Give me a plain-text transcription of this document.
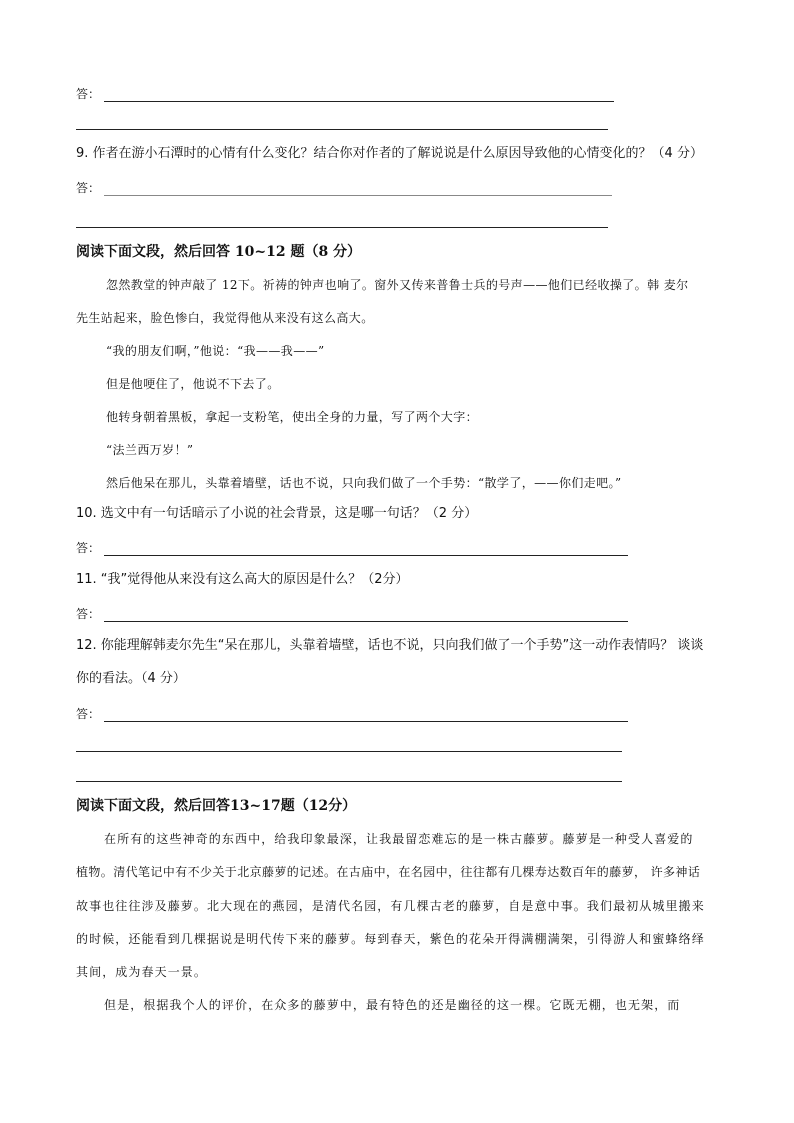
答：
9. 作者在游小石潭时的心情有什么变化？结合你对作者的了解说说是什么原因导致他的心情变化的？（4 分）
答：
阅读下面文段，然后回答 10~12 题（8 分）
忽然教堂的钟声敲了 12下。祈祷的钟声也响了。窗外又传来普鲁士兵的号声——他们已经收操了。韩 麦尔
先生站起来，脸色惨白，我觉得他从来没有这么高大。
“我的朋友们啊，”他说：“我——我——”
但是他哽住了，他说不下去了。
他转身朝着黑板，拿起一支粉笔，使出全身的力量，写了两个大字：
“法兰西万岁！”
然后他呆在那儿，头靠着墙壁，话也不说，只向我们做了一个手势：“散学了，——你们走吧。”
10. 选文中有一句话暗示了小说的社会背景，这是哪一句话？（2 分）
答：
11. “我”觉得他从来没有这么高大的原因是什么？（2分）
答：
12. 你能理解韩麦尔先生“呆在那儿，头靠着墙壁，话也不说，只向我们做了一个手势”这一动作表情吗？ 谈谈
你的看法。（4 分）
答：
阅读下面文段，然后回答13~17题（12分）
在所有的这些神奇的东西中，给我印象最深，让我最留恋难忘的是一株古藤萝。藤萝是一种受人喜爱的
植物。清代笔记中有不少关于北京藤萝的记述。在古庙中，在名园中，往往都有几棵寿达数百年的藤萝， 许多神话
故事也往往涉及藤萝。北大现在的燕园，是清代名园，有几棵古老的藤萝，自是意中事。我们最初从城里搬来
的时候，还能看到几棵据说是明代传下来的藤萝。每到春天，紫色的花朵开得满棚满架，引得游人和蜜蜂络绎
其间，成为春天一景。
但是，根据我个人的评价，在众多的藤萝中，最有特色的还是幽径的这一棵。它既无棚，也无架，而
